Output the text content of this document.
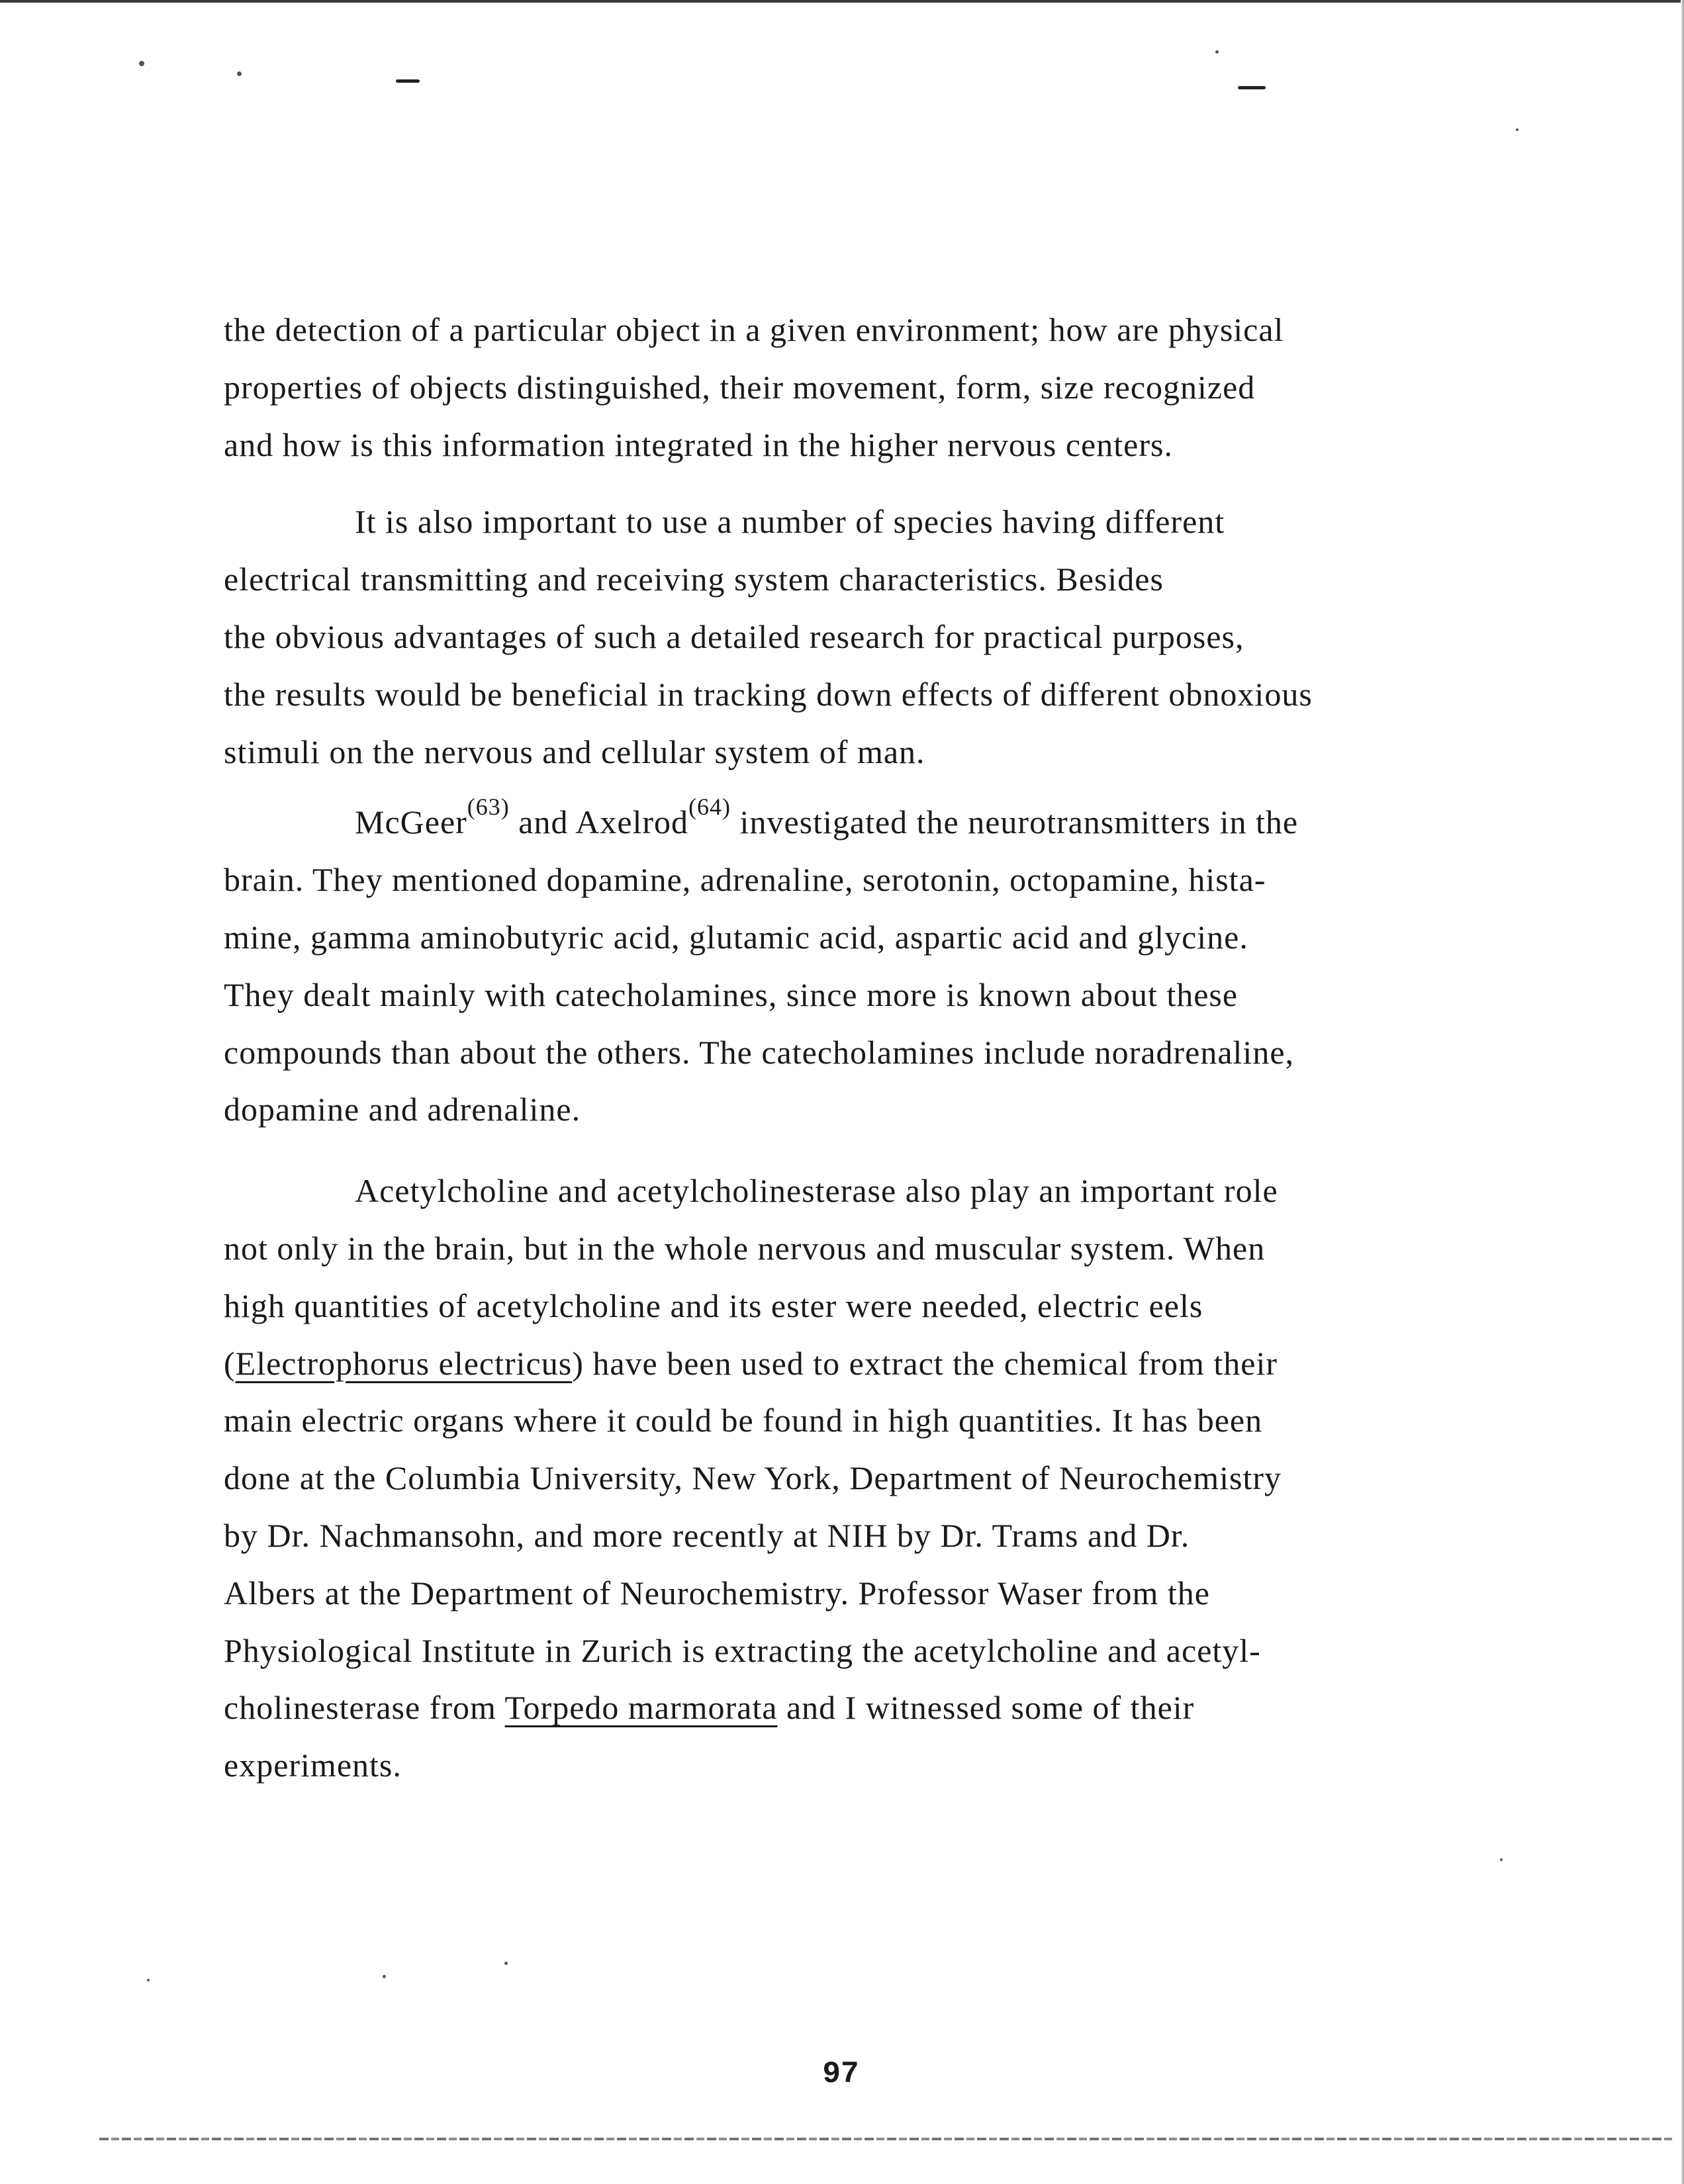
the detection of a particular object in a given environment; how are physical
properties of objects distinguished, their movement, form, size recognized
and how is this information integrated in the higher nervous centers.
It is also important to use a number of species having different
electrical transmitting and receiving system characteristics. Besides
the obvious advantages of such a detailed research for practical purposes,
the results would be beneficial in tracking down effects of different obnoxious
stimuli on the nervous and cellular system of man.
McGeer$^{(63)}$ and Axelrod$^{(64)}$ investigated the neurotransmitters in the
brain. They mentioned dopamine, adrenaline, serotonin, octopamine, hista-
mine, gamma aminobutyric acid, glutamic acid, aspartic acid and glycine.
They dealt mainly with catecholamines, since more is known about these
compounds than about the others. The catecholamines include noradrenaline,
dopamine and adrenaline.
Acetylcholine and acetylcholinesterase also play an important role
not only in the brain, but in the whole nervous and muscular system. When
high quantities of acetylcholine and its ester were needed, electric eels
(Electrophorus electricus) have been used to extract the chemical from their
main electric organs where it could be found in high quantities. It has been
done at the Columbia University, New York, Department of Neurochemistry
by Dr. Nachmansohn, and more recently at NIH by Dr. Trams and Dr.
Albers at the Department of Neurochemistry. Professor Waser from the
Physiological Institute in Zurich is extracting the acetylcholine and acetyl-
cholinesterase from Torpedo marmorata and I witnessed some of their
experiments.
97
